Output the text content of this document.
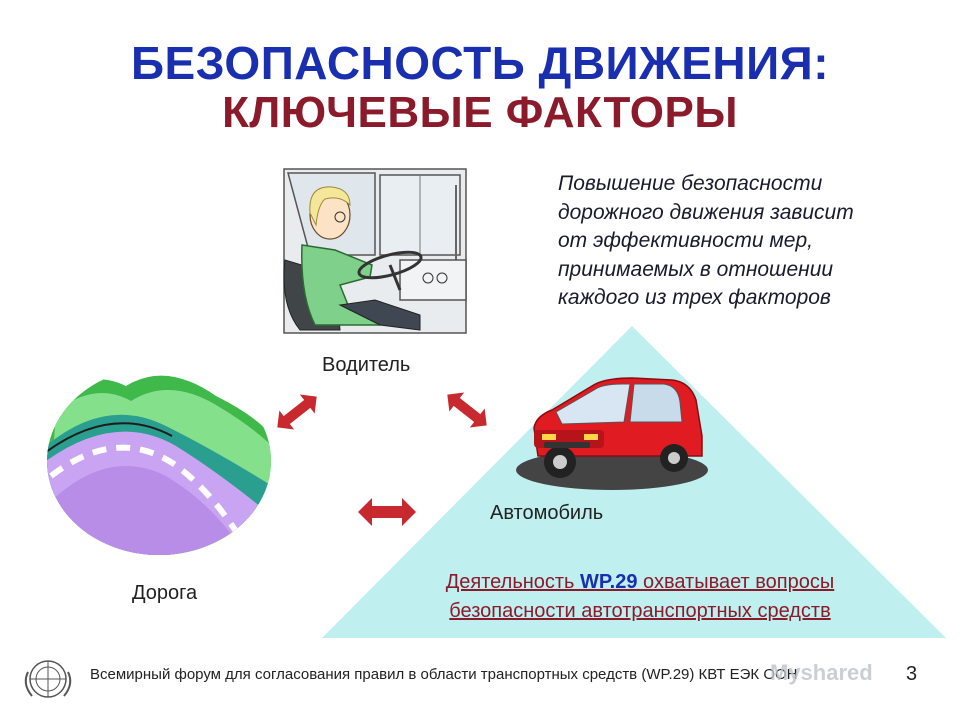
БЕЗОПАСНОСТЬ ДВИЖЕНИЯ:
КЛЮЧЕВЫЕ ФАКТОРЫ
Повышение безопасности
дорожного движения зависит
от эффективности мер,
принимаемых в отношении
каждого из трех факторов
Водитель
Автомобиль
Дорога	Деятельность WP.29 охватывает вопросы
безопасности автотранспортных средств
Всемирный форум для согласования правил в области транспортных средств (WP.29) КВТ ЕЭК ООН
Myshared 3
